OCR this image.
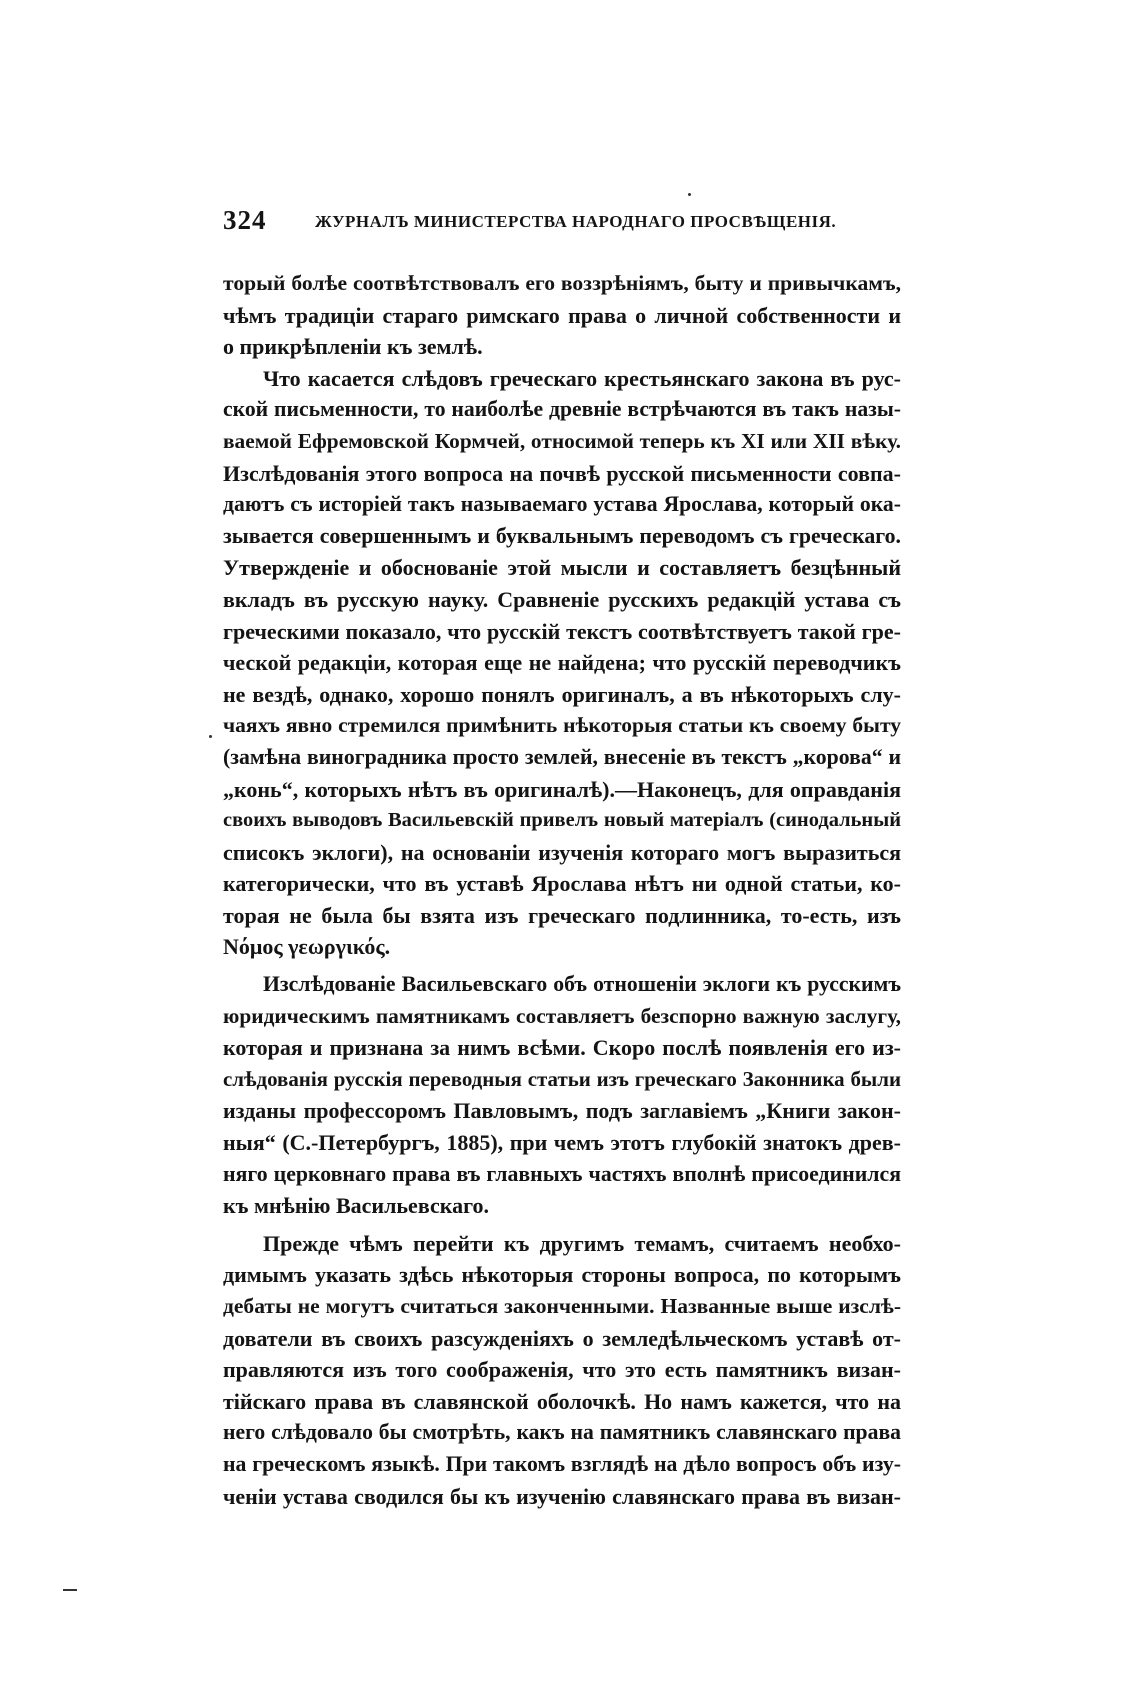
324	ЖУРНАЛЪ МИНИСТЕРСТВА НАРОДНАГО ПРОСВѢЩЕНІЯ.
торый болѣе соотвѣтствовалъ его воззрѣніямъ, быту и привычкамъ,
чѣмъ традиціи стараго римскаго права о личной собственности и
о прикрѣпленіи къ землѣ.
Что касается слѣдовъ греческаго крестьянскаго закона въ рус-
ской письменности, то наиболѣе древніе встрѣчаются въ такъ назы-
ваемой Ефремовской Кормчей, относимой теперь къ XI или XII вѣку.
Изслѣдованія этого вопроса на почвѣ русской письменности совпа-
даютъ съ исторіей такъ называемаго устава Ярослава, который ока-
зывается совершеннымъ и буквальнымъ переводомъ съ греческаго.
Утвержденіе и обоснованіе этой мысли и составляетъ безцѣнный
вкладъ въ русскую науку. Сравненіе русскихъ редакцій устава съ
греческими показало, что русскій текстъ соотвѣтствуетъ такой гре-
ческой редакціи, которая еще не найдена; что русскій переводчикъ
не вездѣ, однако, хорошо понялъ оригиналъ, а въ нѣкоторыхъ слу-
чаяхъ явно стремился примѣнить нѣкоторыя статьи къ своему быту
(замѣна виноградника просто землей, внесеніе въ текстъ „корова“ и
„конь“, которыхъ нѣтъ въ оригиналѣ).—Наконецъ, для оправданія
своихъ выводовъ Васильевскій привелъ новый матеріалъ (синодальный
списокъ эклоги), на основаніи изученія котораго могъ выразиться
категорически, что въ уставѣ Ярослава нѣтъ ни одной статьи, ко-
торая не была бы взята изъ греческаго подлинника, то-есть, изъ
Νόμος γεωργικός.
Изслѣдованіе Васильевскаго объ отношеніи эклоги къ русскимъ
юридическимъ памятникамъ составляетъ безспорно важную заслугу,
которая и признана за нимъ всѣми. Скоро послѣ появленія его из-
слѣдованія русскія переводныя статьи изъ греческаго Законника были
изданы профессоромъ Павловымъ, подъ заглавіемъ „Книги закон-
ныя“ (С.-Петербургъ, 1885), при чемъ этотъ глубокій знатокъ древ-
няго церковнаго права въ главныхъ частяхъ вполнѣ присоединился
къ мнѣнію Васильевскаго.
Прежде чѣмъ перейти къ другимъ темамъ, считаемъ необхо-
димымъ указать здѣсь нѣкоторыя стороны вопроса, по которымъ
дебаты не могутъ считаться законченными. Названные выше изслѣ-
дователи въ своихъ разсужденіяхъ о земледѣльческомъ уставѣ от-
правляются изъ того соображенія, что это есть памятникъ визан-
тійскаго права въ славянской оболочкѣ. Но намъ кажется, что на
него слѣдовало бы смотрѣть, какъ на памятникъ славянскаго права
на греческомъ языкѣ. При такомъ взглядѣ на дѣло вопросъ объ изу-
ченіи устава сводился бы къ изученію славянскаго права въ визан-
